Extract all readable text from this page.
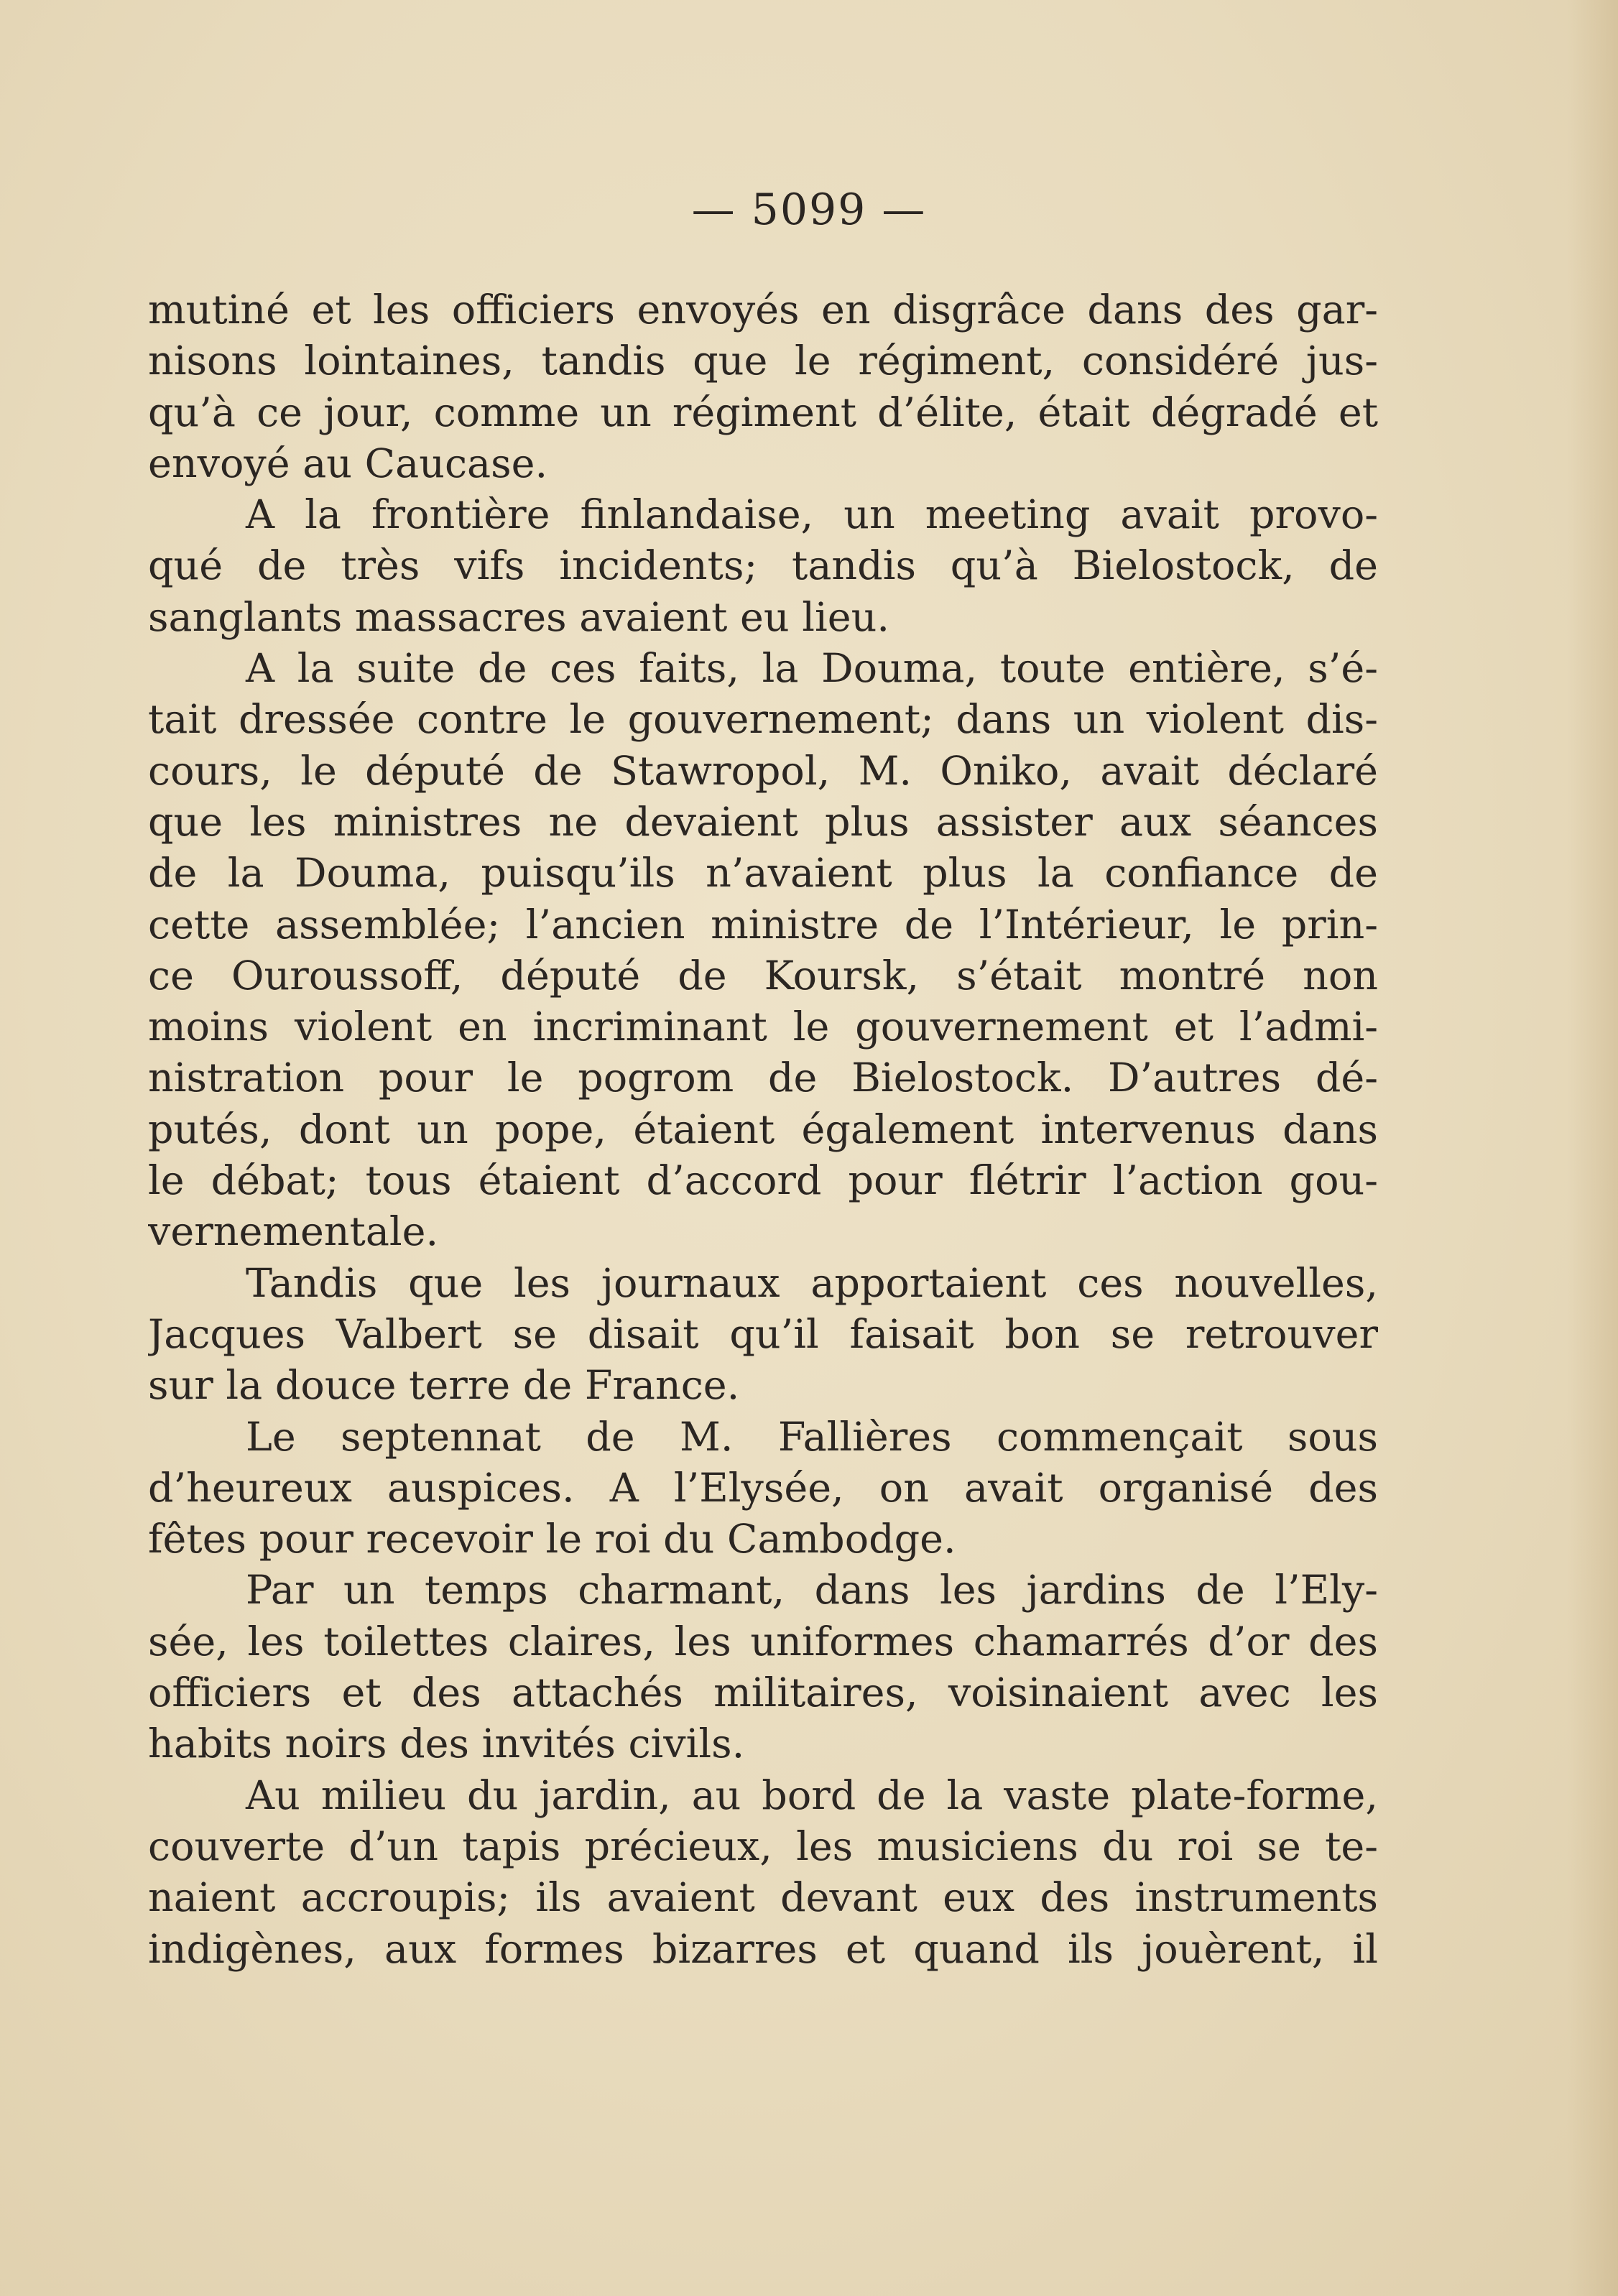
— 5099 —
mutiné et les officiers envoyés en disgrâce dans des gar-
nisons lointaines, tandis que le régiment, considéré jus-
qu’à ce jour, comme un régiment d’élite, était dégradé et
envoyé au Caucase.
A la frontière finlandaise, un meeting avait provo-
qué de très vifs incidents; tandis qu’à Bielostock, de
sanglants massacres avaient eu lieu.
A la suite de ces faits, la Douma, toute entière, s’é-
tait dressée contre le gouvernement; dans un violent dis-
cours, le député de Stawropol, M. Oniko, avait déclaré
que les ministres ne devaient plus assister aux séances
de la Douma, puisqu’ils n’avaient plus la confiance de
cette assemblée; l’ancien ministre de l’Intérieur, le prin-
ce Ouroussoff, député de Koursk, s’était montré non
moins violent en incriminant le gouvernement et l’admi-
nistration pour le pogrom de Bielostock. D’autres dé-
putés, dont un pope, étaient également intervenus dans
le débat; tous étaient d’accord pour flétrir l’action gou-
vernementale.
Tandis que les journaux apportaient ces nouvelles,
Jacques Valbert se disait qu’il faisait bon se retrouver
sur la douce terre de France.
Le septennat de M. Fallières commençait sous
d’heureux auspices. A l’Elysée, on avait organisé des
fêtes pour recevoir le roi du Cambodge.
Par un temps charmant, dans les jardins de l’Ely-
sée, les toilettes claires, les uniformes chamarrés d’or des
officiers et des attachés militaires, voisinaient avec les
habits noirs des invités civils.
Au milieu du jardin, au bord de la vaste plate-forme,
couverte d’un tapis précieux, les musiciens du roi se te-
naient accroupis; ils avaient devant eux des instruments
indigènes, aux formes bizarres et quand ils jouèrent, il
